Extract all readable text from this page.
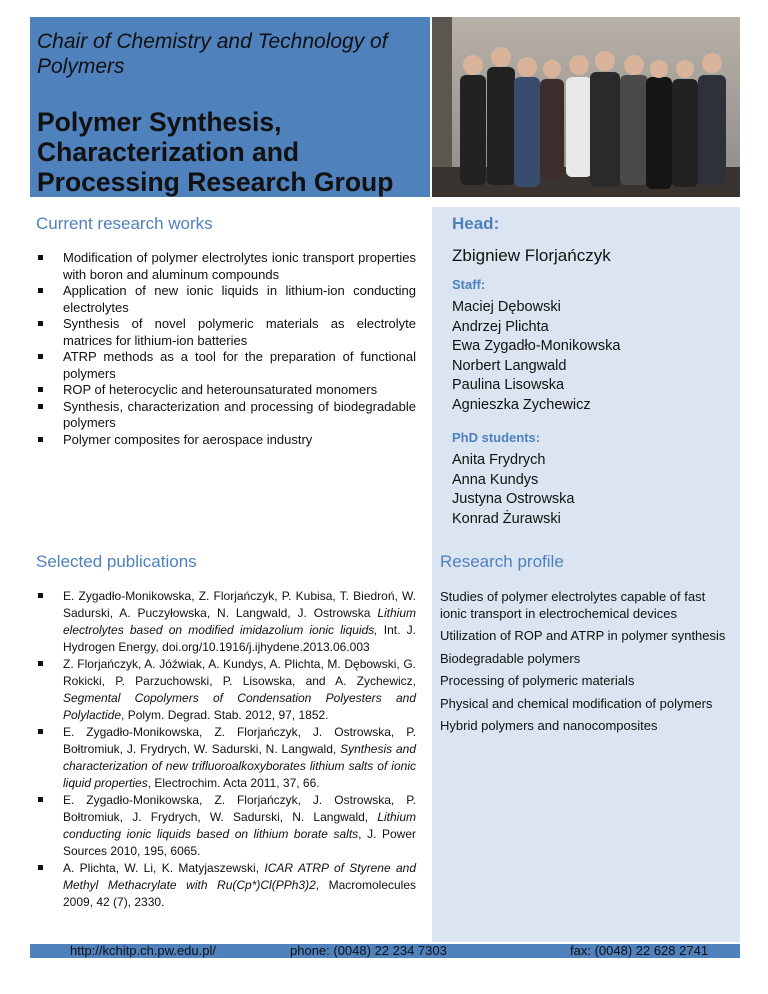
Chair of Chemistry and Technology of Polymers
Polymer Synthesis, Characterization and Processing Research Group
Current research works
Modification of polymer electrolytes ionic transport properties with boron and aluminum compounds
Application of new ionic liquids in lithium-ion conducting electrolytes
Synthesis of novel polymeric materials as electrolyte matrices for lithium-ion batteries
ATRP methods as a tool for the preparation of functional polymers
ROP of heterocyclic and heterounsaturated monomers
Synthesis, characterization and processing of biodegradable polymers
Polymer composites for aerospace industry
Head:
Zbigniew Florjańczyk
Staff:
Maciej Dębowski
Andrzej Plichta
Ewa Zygadło-Monikowska
Norbert Langwald
Paulina Lisowska
Agnieszka Zychewicz
PhD students:
Anita Frydrych
Anna Kundys
Justyna Ostrowska
Konrad Żurawski
Selected publications
E. Zygadło-Monikowska, Z. Florjańczyk, P. Kubisa, T. Biedroń, W. Sadurski, A. Puczyłowska, N. Langwald, J. Ostrowska Lithium electrolytes based on modified imidazolium ionic liquids, Int. J. Hydrogen Energy, doi.org/10.1916/j.ijhydene.2013.06.003
Z. Florjańczyk, A. Jóźwiak, A. Kundys, A. Plichta, M. Dębowski, G. Rokicki, P. Parzuchowski, P. Lisowska, and A. Zychewicz, Segmental Copolymers of Condensation Polyesters and Polylactide, Polym. Degrad. Stab. 2012, 97, 1852.
E. Zygadło-Monikowska, Z. Florjańczyk, J. Ostrowska, P. Bołtromiuk, J. Frydrych, W. Sadurski, N. Langwald, Synthesis and characterization of new trifluoroalkoxyborates lithium salts of ionic liquid properties, Electrochim. Acta 2011, 37, 66.
E. Zygadło-Monikowska, Z. Florjańczyk, J. Ostrowska, P. Bołtromiuk, J. Frydrych, W. Sadurski, N. Langwald, Lithium conducting ionic liquids based on lithium borate salts, J. Power Sources 2010, 195, 6065.
A. Plichta, W. Li, K. Matyjaszewski, ICAR ATRP of Styrene and Methyl Methacrylate with Ru(Cp*)Cl(PPh3)2, Macromolecules 2009, 42 (7), 2330.
Research profile
Studies of polymer electrolytes capable of fast ionic transport in electrochemical devices
Utilization of ROP and ATRP in polymer synthesis
Biodegradable polymers
Processing of polymeric materials
Physical and chemical modification of polymers
Hybrid polymers and nanocomposites
http://kchitp.ch.pw.edu.pl/	phone: (0048) 22 234 7303	fax: (0048) 22 628 2741
